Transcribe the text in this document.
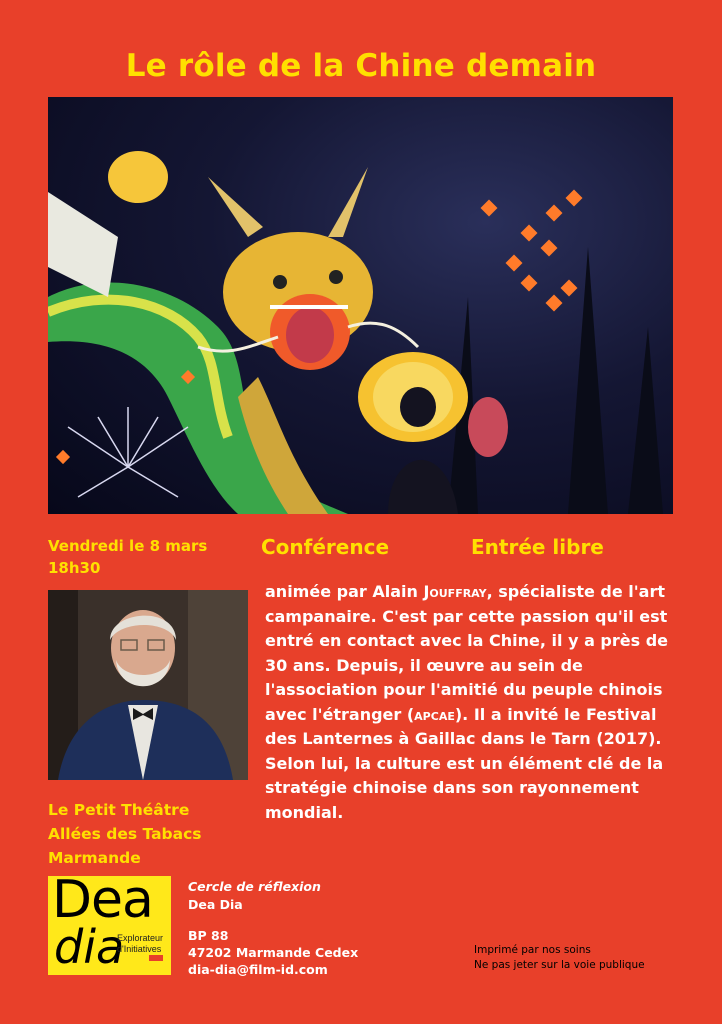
Le rôle de la Chine demain
Vendredi le 8 mars
18h30
Conférence	Entrée libre
animée par Alain Jouffray, spécialiste de l'art campanaire. C'est par cette passion qu'il est entré en contact avec la Chine, il y a près de 30 ans. Depuis, il œuvre au sein de l'association pour l'amitié du peuple chinois avec l'étranger (apcae). Il a invité le Festival des Lanternes à Gaillac dans le Tarn (2017). Selon lui, la culture est un élément clé de la stratégie chinoise dans son rayonnement mondial.
Le Petit Théâtre
Allées des Tabacs
Marmande
Dea
dia
Explorateur
d'Initiatives
Cercle de réflexion
Dea Dia
BP 88
47202 Marmande Cedex
dia-dia@film-id.com
Imprimé par nos soins
Ne pas jeter sur la voie publique
